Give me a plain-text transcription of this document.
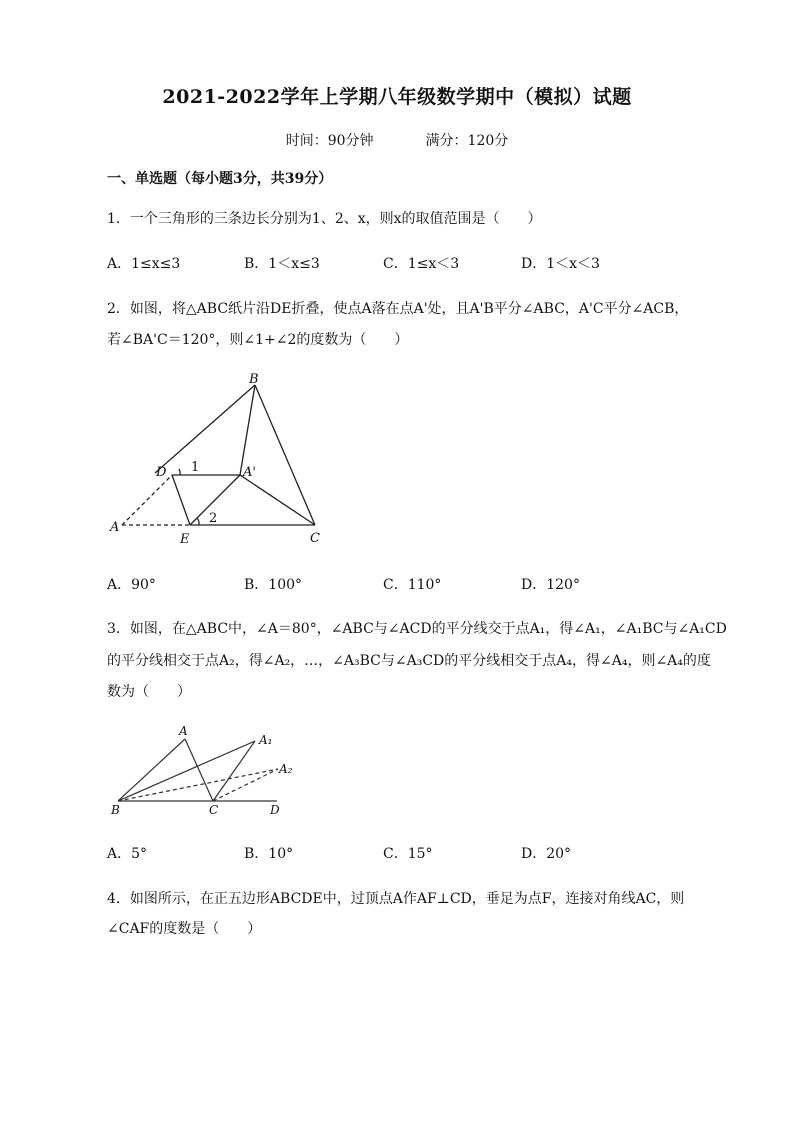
2021-2022学年上学期八年级数学期中（模拟）试题
时间：90分钟	满分：120分
一、单选题（每小题3分，共39分）
1．一个三角形的三条边长分别为1、2、x，则x的取值范围是（　　）
A．1≤x≤3	B．1＜x≤3	C．1≤x＜3	D．1＜x＜3
2．如图，将△ABC纸片沿DE折叠，使点A落在点A'处，且A'B平分∠ABC，A'C平分∠ACB，
若∠BA'C＝120°，则∠1+∠2的度数为（　　）
B
D	A'
A
E	C
1
2
A．90°	B．100°	C．110°	D．120°
3．如图，在△ABC中，∠A＝80°，∠ABC与∠ACD的平分线交于点A₁，得∠A₁，∠A₁BC与∠A₁CD
的平分线相交于点A₂，得∠A₂，…，∠A₃BC与∠A₃CD的平分线相交于点A₄，得∠A₄，则∠A₄的度
数为（　　）
A
A₁
A₂
B	C	D
A．5°	B．10°	C．15°	D．20°
4．如图所示，在正五边形ABCDE中，过顶点A作AF⊥CD，垂足为点F，连接对角线AC，则
∠CAF的度数是（　　）
